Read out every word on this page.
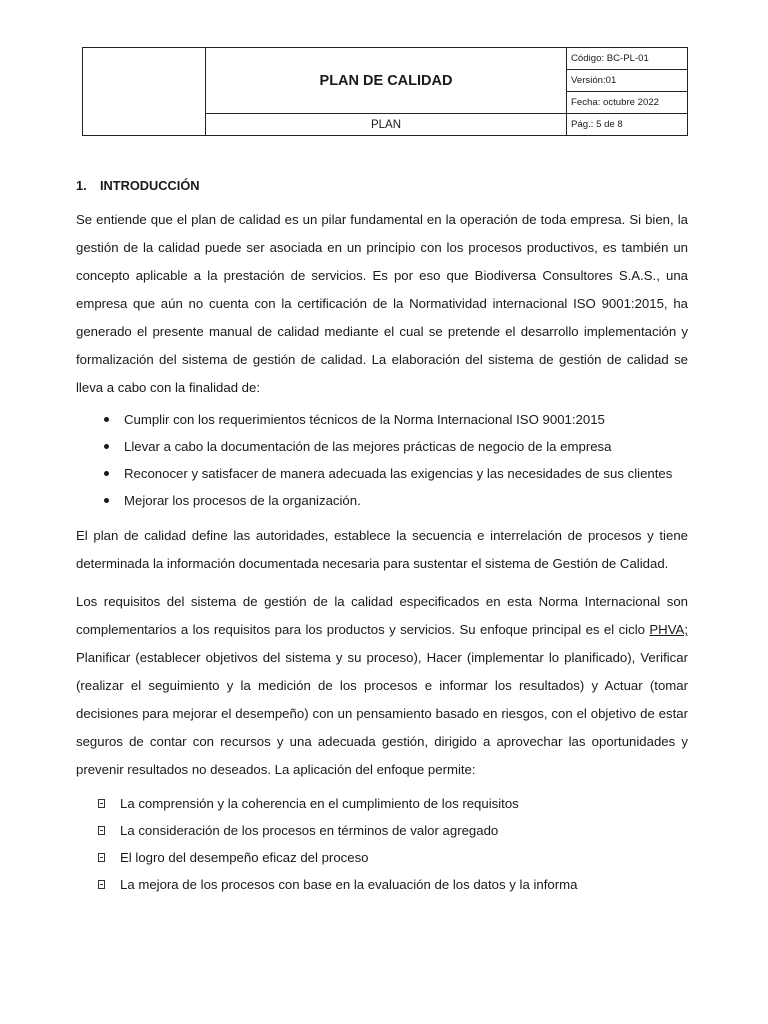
	PLAN DE CALIDAD	Código: BC-PL-01
		Versión:01
		Fecha: octubre 2022
	PLAN	Pág.: 5 de 8

1. INTRODUCCIÓN

Se entiende que el plan de calidad es un pilar fundamental en la operación de toda empresa. Si bien, la gestión de la calidad puede ser asociada en un principio con los procesos productivos, es también un concepto aplicable a la prestación de servicios. Es por eso que Biodiversa Consultores S.A.S., una empresa que aún no cuenta con la certificación de la Normatividad internacional ISO 9001:2015, ha generado el presente manual de calidad mediante el cual se pretende el desarrollo implementación y formalización del sistema de gestión de calidad. La elaboración del sistema de gestión de calidad se lleva a cabo con la finalidad de:

Cumplir con los requerimientos técnicos de la Norma Internacional ISO 9001:2015
Llevar a cabo la documentación de las mejores prácticas de negocio de la empresa
Reconocer y satisfacer de manera adecuada las exigencias y las necesidades de sus clientes
Mejorar los procesos de la organización.

El plan de calidad define las autoridades, establece la secuencia e interrelación de procesos y tiene determinada la información documentada necesaria para sustentar el sistema de Gestión de Calidad.

Los requisitos del sistema de gestión de la calidad especificados en esta Norma Internacional son complementarios a los requisitos para los productos y servicios. Su enfoque principal es el ciclo PHVA; Planificar (establecer objetivos del sistema y su proceso), Hacer (implementar lo planificado), Verificar (realizar el seguimiento y la medición de los procesos e informar los resultados) y Actuar (tomar decisiones para mejorar el desempeño) con un pensamiento basado en riesgos, con el objetivo de estar seguros de contar con recursos y una adecuada gestión, dirigido a aprovechar las oportunidades y prevenir resultados no deseados. La aplicación del enfoque permite:

La comprensión y la coherencia en el cumplimiento de los requisitos
La consideración de los procesos en términos de valor agregado
El logro del desempeño eficaz del proceso
La mejora de los procesos con base en la evaluación de los datos y la informa
